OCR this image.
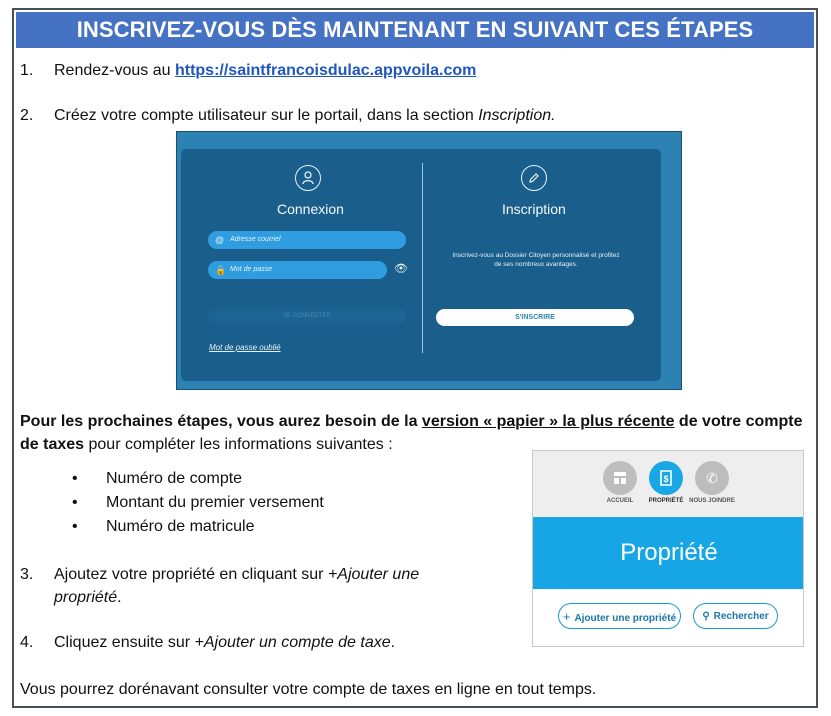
INSCRIVEZ-VOUS DÈS MAINTENANT EN SUIVANT CES ÉTAPES
1. Rendez-vous au https://saintfrancoisdulac.appvoila.com
2. Créez votre compte utilisateur sur le portail, dans la section Inscription.
Connexion
@ Adresse courriel
🔒 Mot de passe	👁
SE CONNECTER
Mot de passe oublié
Inscription
Inscrivez-vous au Dossier Citoyen personnalisé et profitez de ses nombreux avantages.
S'INSCRIRE
Pour les prochaines étapes, vous aurez besoin de la version « papier » la plus récente de votre compte de taxes pour compléter les informations suivantes :
• Numéro de compte
• Montant du premier versement
• Numéro de matricule
3. Ajoutez votre propriété en cliquant sur +Ajouter une
propriété.
4. Cliquez ensuite sur +Ajouter un compte de taxe.
ACCUEIL
$
PROPRIÉTÉ
✆
NOUS JOINDRE
Propriété
+ Ajouter une propriété	⚲ Rechercher
Vous pourrez dorénavant consulter votre compte de taxes en ligne en tout temps.
